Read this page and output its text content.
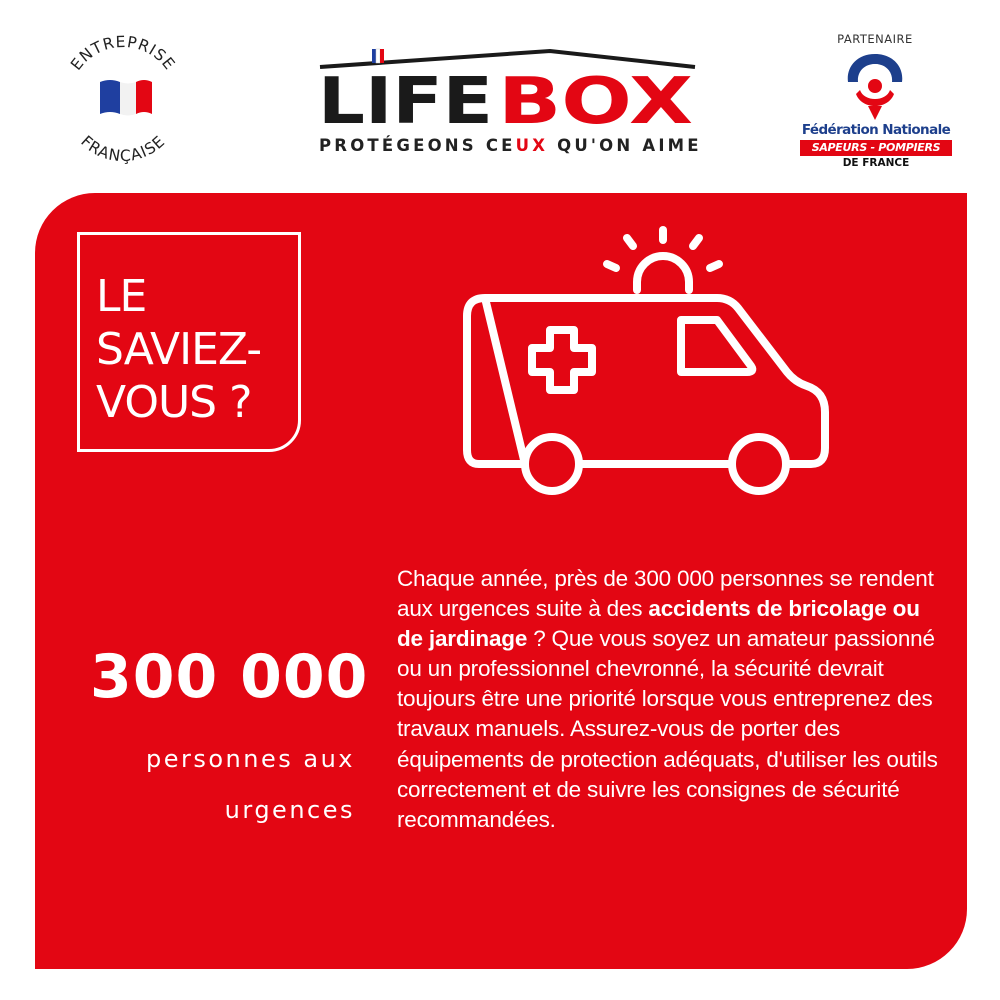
ENTREPRISE
FRANÇAISE
LIFE BOX
PROTÉGEONS CEUX QU'ON AIME
PARTENAIRE
Fédération Nationale
SAPEURS - POMPIERS
DE FRANCE
LE
SAVIEZ-
VOUS ?
300 000
personnes aux urgences
Chaque année, près de 300 000 personnes se rendent aux urgences suite à des accidents de bricolage ou de jardinage ? Que vous soyez un amateur passionné ou un professionnel chevronné, la sécurité devrait toujours être une priorité lorsque vous entreprenez des travaux manuels. Assurez-vous de porter des équipements de protection adéquats, d'utiliser les outils correctement et de suivre les consignes de sécurité recommandées.
